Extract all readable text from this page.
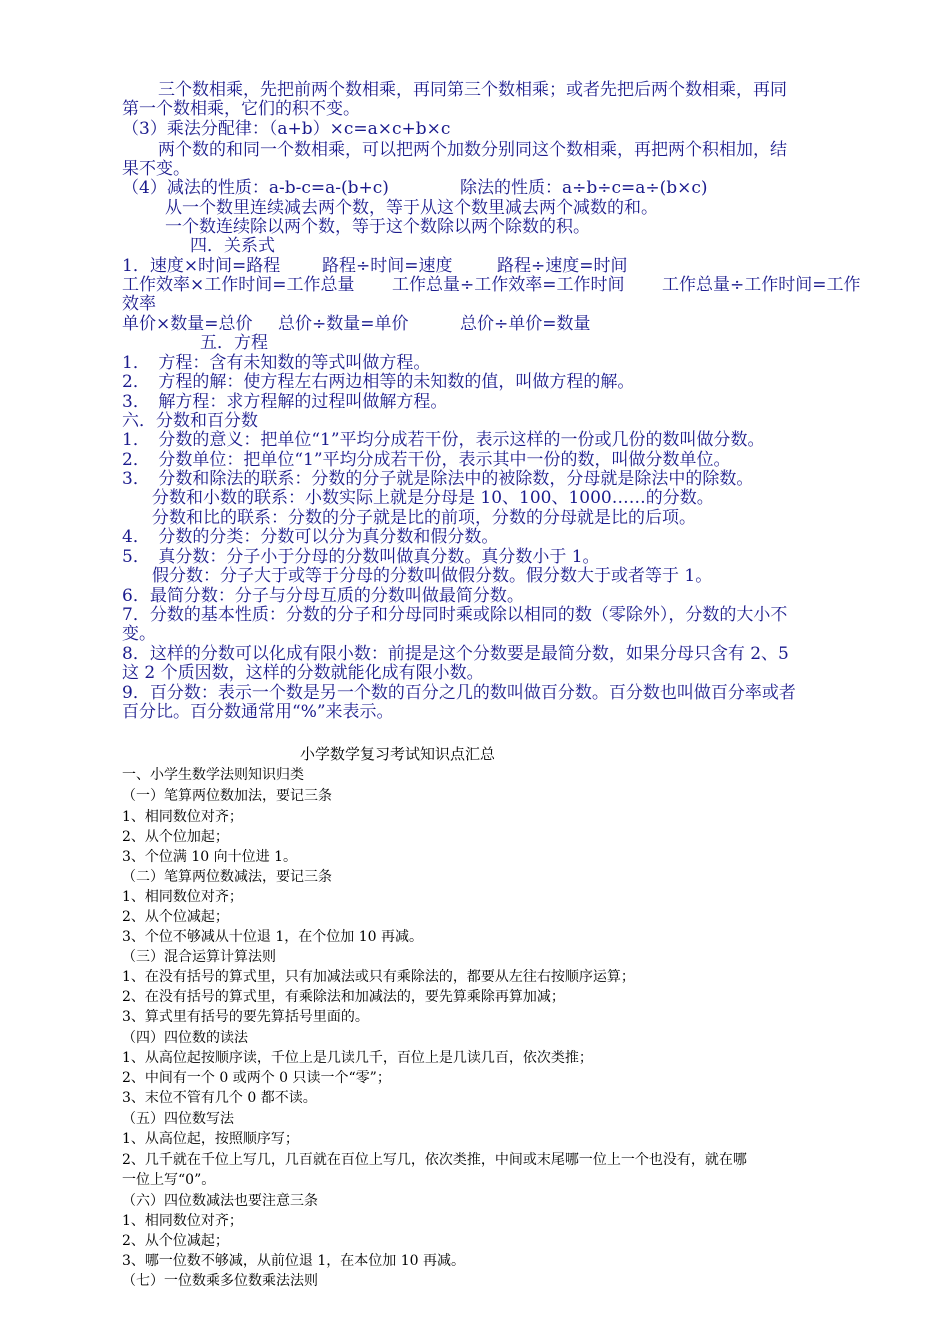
三个数相乘，先把前两个数相乘，再同第三个数相乘；或者先把后两个数相乘，再同
第一个数相乘，它们的积不变。
（3）乘法分配律：（a+b）×c=a×c+b×c
两个数的和同一个数相乘，可以把两个加数分别同这个数相乘，再把两个积相加，结
果不变。
（4）减法的性质：a-b-c=a-(b+c)	除法的性质：a÷b÷c=a÷(b×c)
从一个数里连续减去两个数，等于从这个数里减去两个减数的和。
一个数连续除以两个数，等于这个数除以两个除数的积。
四．关系式
1．速度×时间=路程 路程÷时间=速度	路程÷速度=时间
工作效率×工作时间=工作总量 工作总量÷工作效率=工作时间 工作总量÷工作时间=工作
效率
单价×数量=总价 总价÷数量=单价	总价÷单价=数量
五．方程
1．　方程：含有未知数的等式叫做方程。
2．　方程的解：使方程左右两边相等的未知数的值，叫做方程的解。
3．　解方程：求方程解的过程叫做解方程。
六．分数和百分数
1．　分数的意义：把单位“1”平均分成若干份，表示这样的一份或几份的数叫做分数。
2．　分数单位：把单位“1”平均分成若干份，表示其中一份的数，叫做分数单位。
3．　分数和除法的联系：分数的分子就是除法中的被除数，分母就是除法中的除数。
分数和小数的联系：小数实际上就是分母是 10、100、1000……的分数。
分数和比的联系：分数的分子就是比的前项，分数的分母就是比的后项。
4．　分数的分类：分数可以分为真分数和假分数。
5．　真分数：分子小于分母的分数叫做真分数。真分数小于 1。
假分数：分子大于或等于分母的分数叫做假分数。假分数大于或者等于 1。
6．最简分数：分子与分母互质的分数叫做最简分数。
7．分数的基本性质：分数的分子和分母同时乘或除以相同的数（零除外），分数的大小不
变。
8．这样的分数可以化成有限小数：前提是这个分数要是最简分数，如果分母只含有 2、5
这 2 个质因数，这样的分数就能化成有限小数。
9．百分数：表示一个数是另一个数的百分之几的数叫做百分数。百分数也叫做百分率或者
百分比。百分数通常用“%”来表示。
小学数学复习考试知识点汇总
一、小学生数学法则知识归类
（一）笔算两位数加法，要记三条
1、相同数位对齐；
2、从个位加起；
3、个位满 10 向十位进 1。
（二）笔算两位数减法，要记三条
1、相同数位对齐；
2、从个位减起；
3、个位不够减从十位退 1，在个位加 10 再减。
（三）混合运算计算法则
1、在没有括号的算式里，只有加减法或只有乘除法的，都要从左往右按顺序运算；
2、在没有括号的算式里，有乘除法和加减法的，要先算乘除再算加减；
3、算式里有括号的要先算括号里面的。
（四）四位数的读法
1、从高位起按顺序读，千位上是几读几千，百位上是几读几百，依次类推；
2、中间有一个 0 或两个 0 只读一个“零”；
3、末位不管有几个 0 都不读。
（五）四位数写法
1、从高位起，按照顺序写；
2、几千就在千位上写几，几百就在百位上写几，依次类推，中间或末尾哪一位上一个也没有，就在哪
一位上写“0”。
（六）四位数减法也要注意三条
1、相同数位对齐；
2、从个位减起；
3、哪一位数不够减，从前位退 1，在本位加 10 再减。
（七）一位数乘多位数乘法法则
